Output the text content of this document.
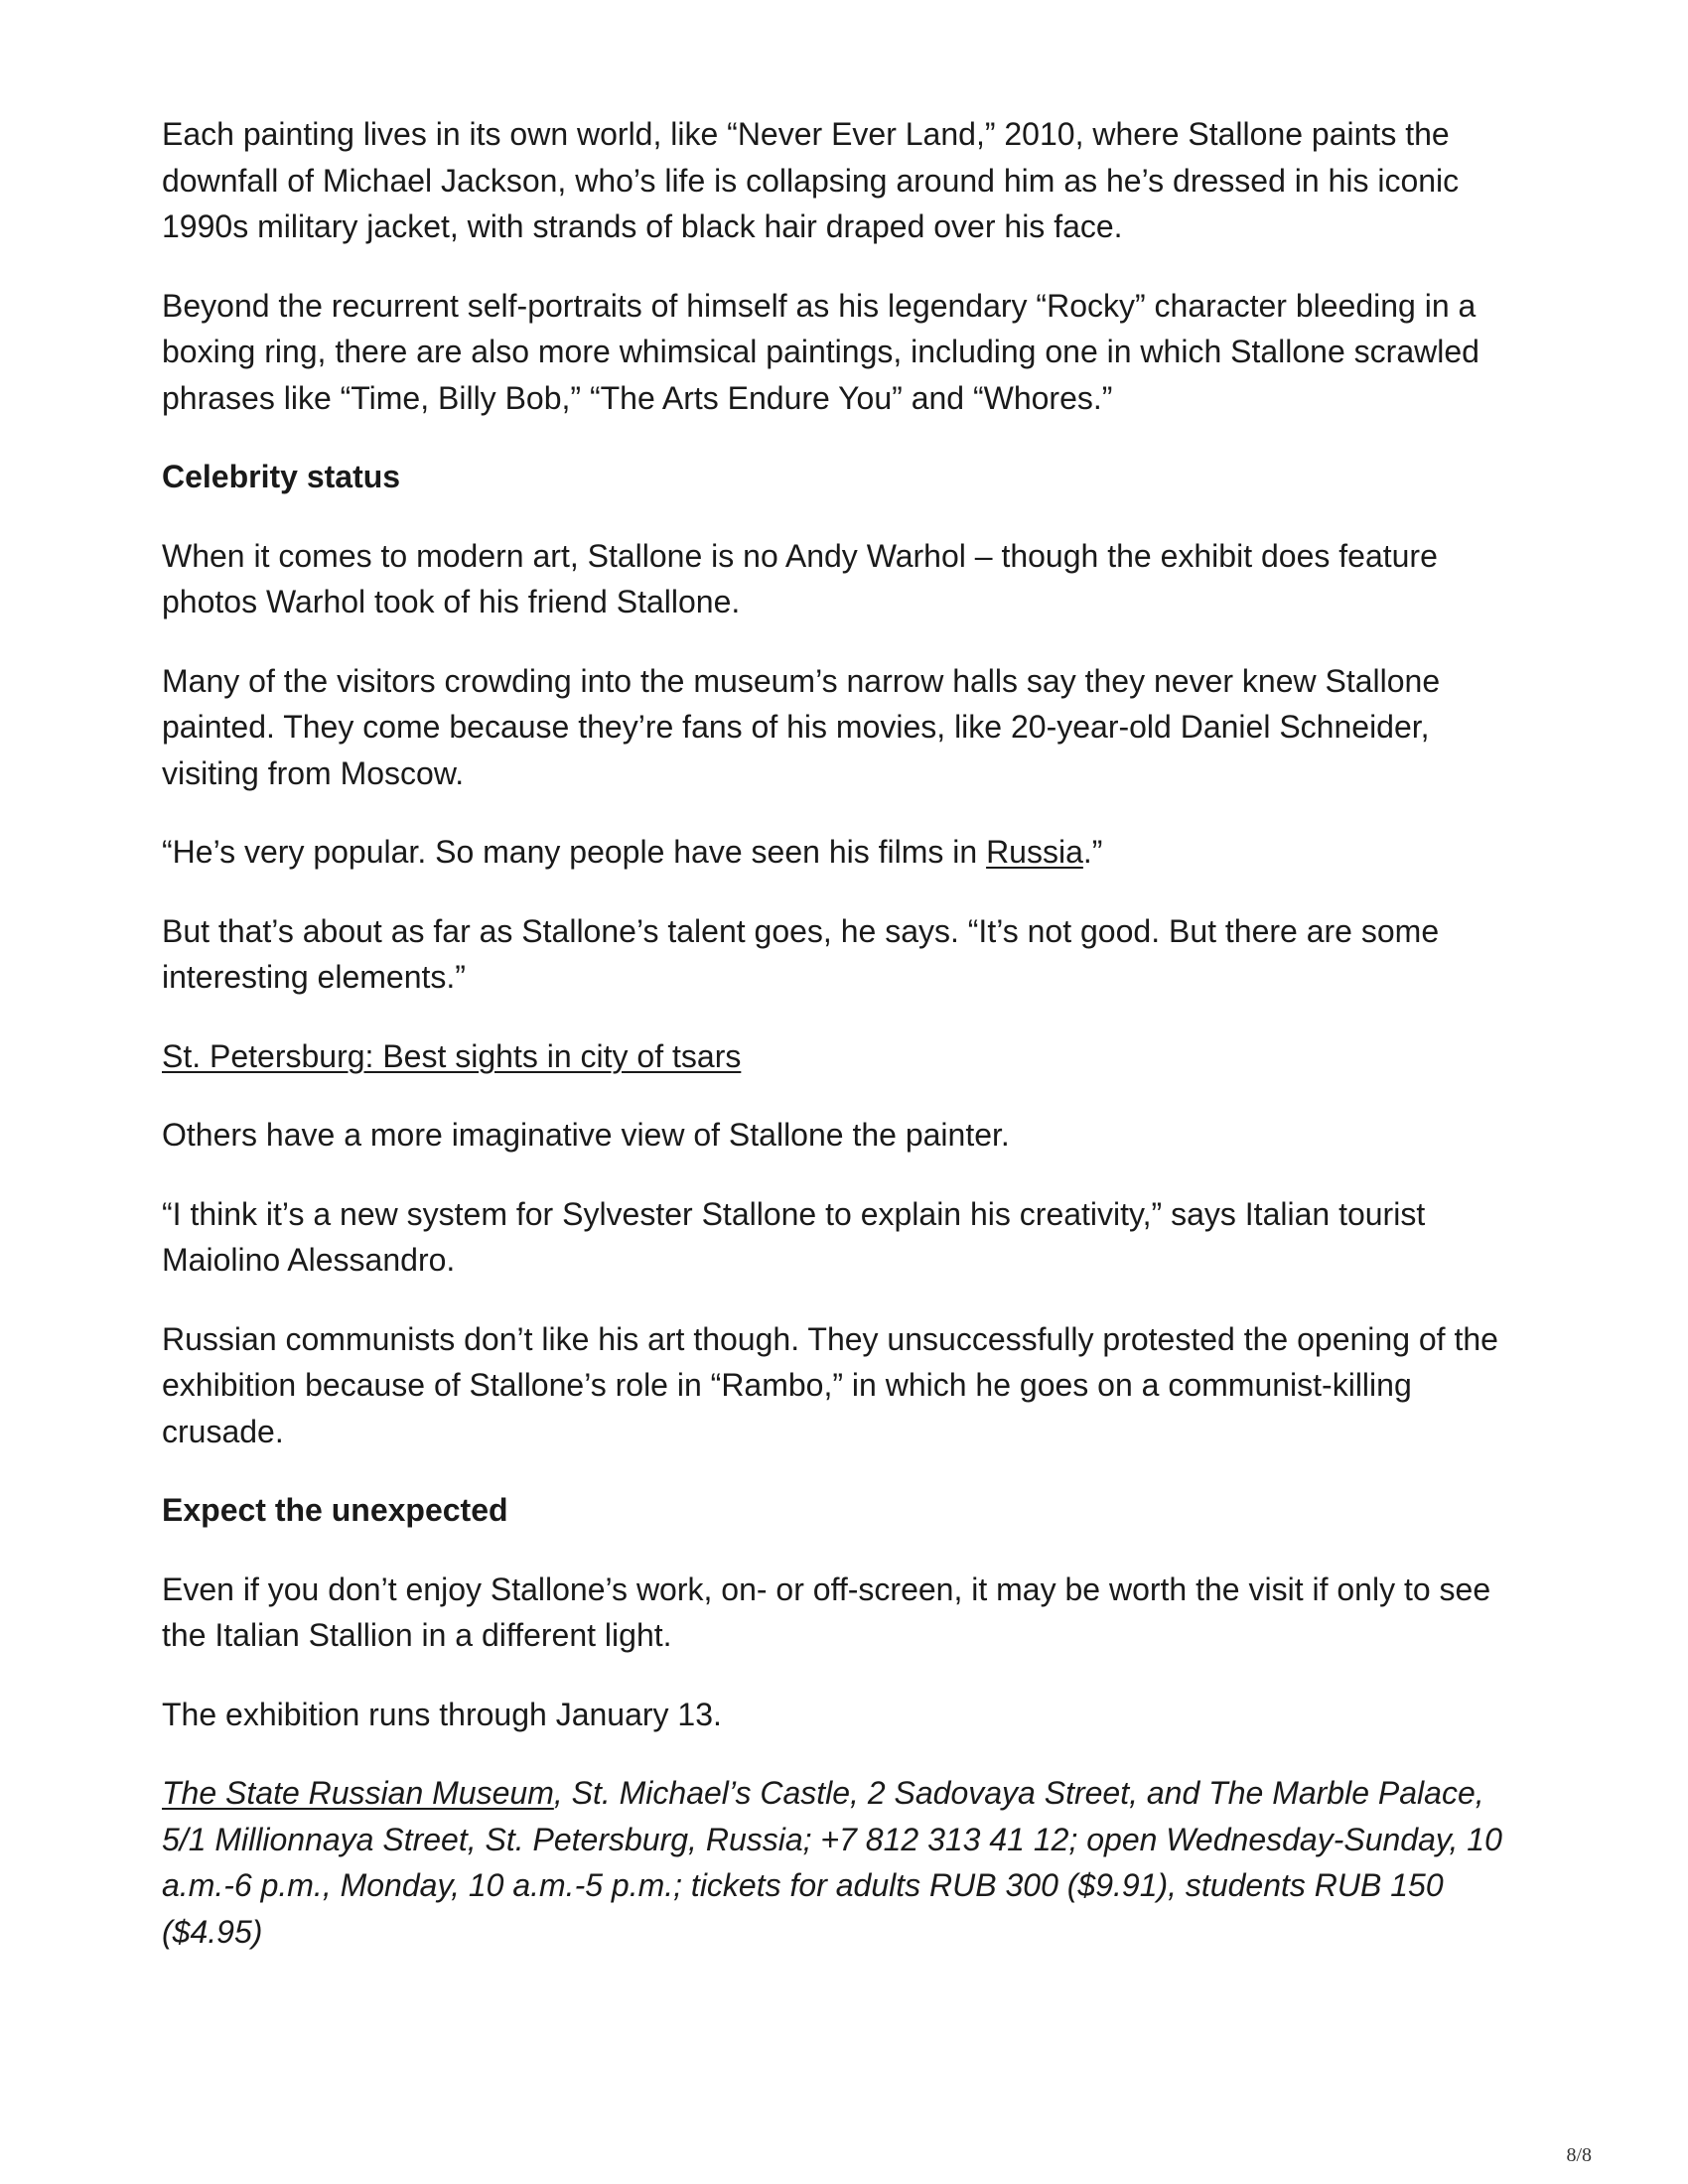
Each painting lives in its own world, like “Never Ever Land,” 2010, where Stallone paints the downfall of Michael Jackson, who’s life is collapsing around him as he’s dressed in his iconic 1990s military jacket, with strands of black hair draped over his face.

Beyond the recurrent self-portraits of himself as his legendary “Rocky” character bleeding in a boxing ring, there are also more whimsical paintings, including one in which Stallone scrawled phrases like “Time, Billy Bob,” “The Arts Endure You” and “Whores.”

Celebrity status

When it comes to modern art, Stallone is no Andy Warhol – though the exhibit does feature photos Warhol took of his friend Stallone.

Many of the visitors crowding into the museum’s narrow halls say they never knew Stallone painted. They come because they’re fans of his movies, like 20-year-old Daniel Schneider, visiting from Moscow.

“He’s very popular. So many people have seen his films in Russia.”

But that’s about as far as Stallone’s talent goes, he says. “It’s not good. But there are some interesting elements.”

St. Petersburg: Best sights in city of tsars

Others have a more imaginative view of Stallone the painter.

“I think it’s a new system for Sylvester Stallone to explain his creativity,” says Italian tourist Maiolino Alessandro.

Russian communists don’t like his art though. They unsuccessfully protested the opening of the exhibition because of Stallone’s role in “Rambo,” in which he goes on a communist-killing crusade.

Expect the unexpected

Even if you don’t enjoy Stallone’s work, on- or off-screen, it may be worth the visit if only to see the Italian Stallion in a different light.

The exhibition runs through January 13.

The State Russian Museum, St. Michael’s Castle, 2 Sadovaya Street, and The Marble Palace, 5/1 Millionnaya Street, St. Petersburg, Russia; +7 812 313 41 12; open Wednesday-Sunday, 10 a.m.-6 p.m., Monday, 10 a.m.-5 p.m.; tickets for adults RUB 300 ($9.91), students RUB 150 ($4.95)

8/8
